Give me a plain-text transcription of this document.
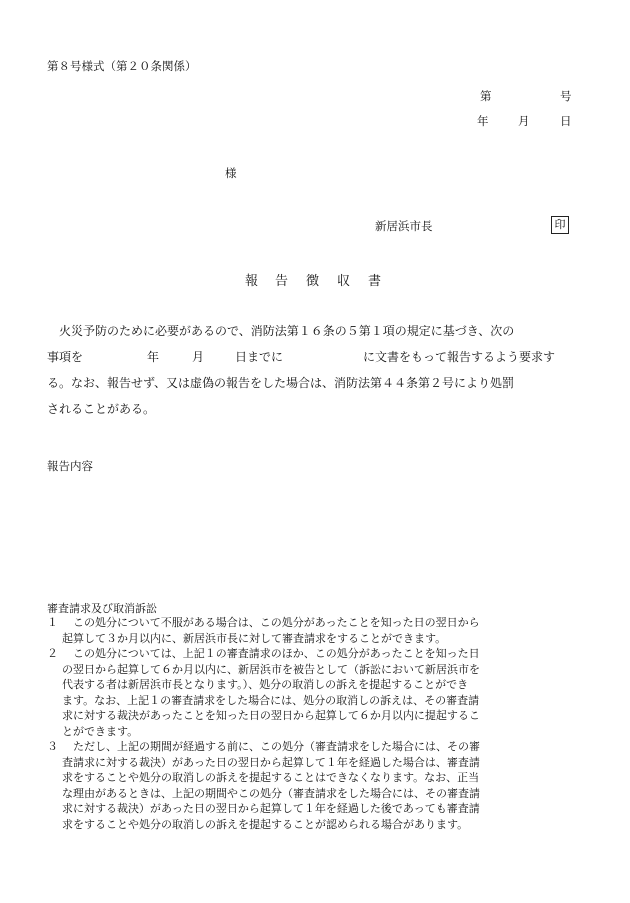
第８号様式（第２０条関係）
第	号
年	月	日
様
新居浜市長	印
報 告 徴 収 書
火災予防のために必要があるので、消防法第１６条の５第１項の規定に基づき、次の
事項を	年	月	日までに	に文書をもって報告するよう要求す
る。なお、報告せず、又は虚偽の報告をした場合は、消防法第４４条第２号により処罰
されることがある。
報告内容
審査請求及び取消訴訟
１	この処分について不服がある場合は、この処分があったことを知った日の翌日から
起算して３か月以内に、新居浜市長に対して審査請求をすることができます。
２	この処分については、上記１の審査請求のほか、この処分があったことを知った日
の翌日から起算して６か月以内に、新居浜市を被告として（訴訟において新居浜市を
代表する者は新居浜市長となります。）、処分の取消しの訴えを提起することができ
ます。なお、上記１の審査請求をした場合には、処分の取消しの訴えは、その審査請
求に対する裁決があったことを知った日の翌日から起算して６か月以内に提起するこ
とができます。
３	ただし、上記の期間が経過する前に、この処分（審査請求をした場合には、その審
査請求に対する裁決）があった日の翌日から起算して１年を経過した場合は、審査請
求をすることや処分の取消しの訴えを提起することはできなくなります。なお、正当
な理由があるときは、上記の期間やこの処分（審査請求をした場合には、その審査請
求に対する裁決）があった日の翌日から起算して１年を経過した後であっても審査請
求をすることや処分の取消しの訴えを提起することが認められる場合があります。
